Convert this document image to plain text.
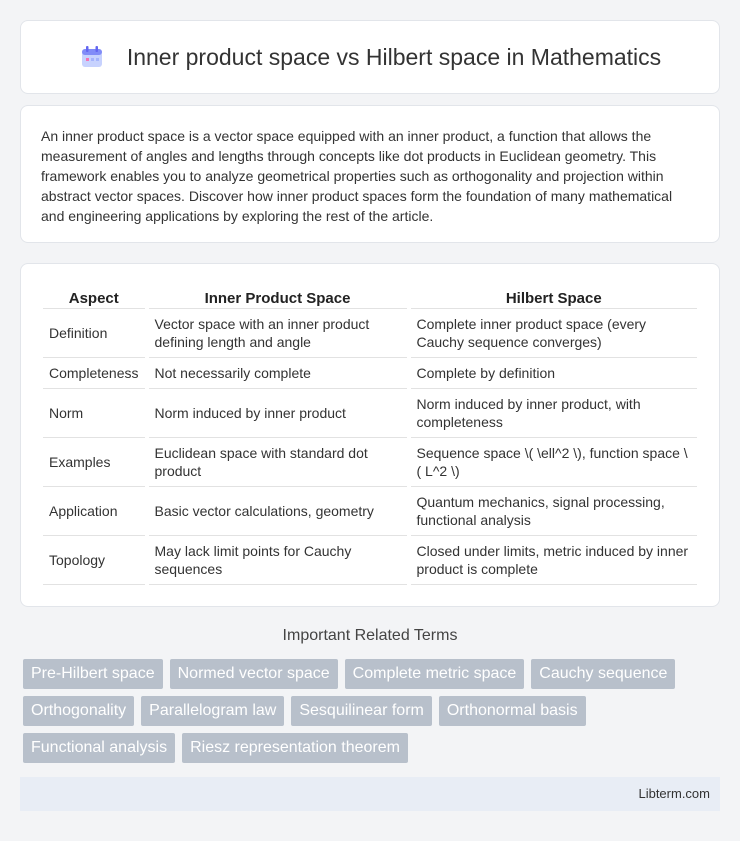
Inner product space vs Hilbert space in Mathematics

An inner product space is a vector space equipped with an inner product, a function that allows the measurement of angles and lengths through concepts like dot products in Euclidean geometry. This framework enables you to analyze geometrical properties such as orthogonality and projection within abstract vector spaces. Discover how inner product spaces form the foundation of many mathematical and engineering applications by exploring the rest of the article.

Aspect	Inner Product Space	Hilbert Space
Definition	Vector space with an inner product defining length and angle	Complete inner product space (every Cauchy sequence converges)
Completeness	Not necessarily complete	Complete by definition
Norm	Norm induced by inner product	Norm induced by inner product, with completeness
Examples	Euclidean space with standard dot product	Sequence space \( \ell^2 \), function space \( L^2 \)
Application	Basic vector calculations, geometry	Quantum mechanics, signal processing, functional analysis
Topology	May lack limit points for Cauchy sequences	Closed under limits, metric induced by inner product is complete
Important Related Terms
Pre-Hilbert space	Normed vector space	Complete metric space	Cauchy sequence
Orthogonality	Parallelogram law	Sesquilinear form	Orthonormal basis
Functional analysis	Riesz representation theorem
Libterm.com
